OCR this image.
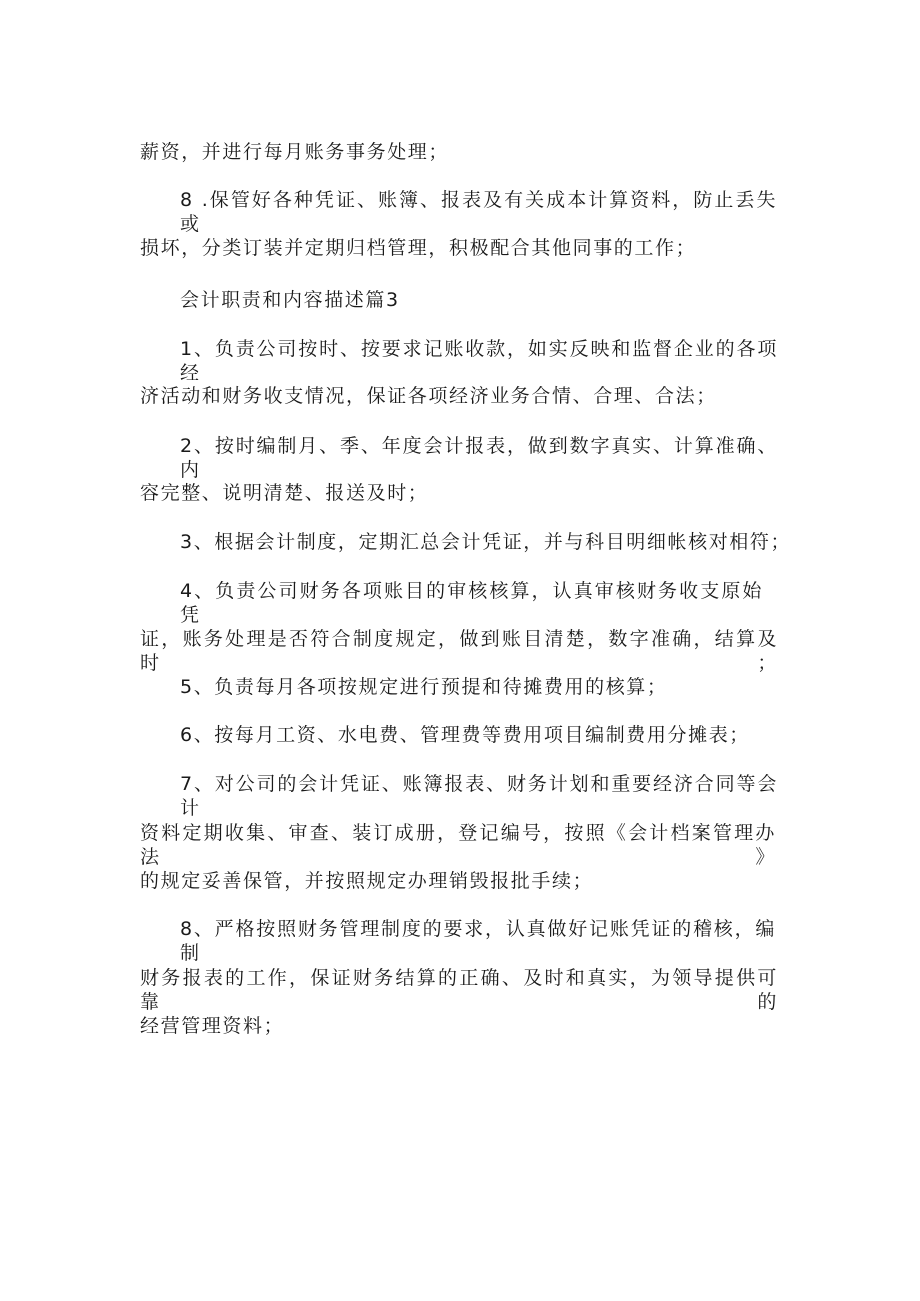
薪资，并进行每月账务事务处理；
8 .保管好各种凭证、账簿、报表及有关成本计算资料，防止丢失或
损坏，分类订装并定期归档管理，积极配合其他同事的工作；
会计职责和内容描述篇3
1、负责公司按时、按要求记账收款，如实反映和监督企业的各项经
济活动和财务收支情况，保证各项经济业务合情、合理、合法；
2、按时编制月、季、年度会计报表，做到数字真实、计算准确、内
容完整、说明清楚、报送及时；
3、根据会计制度，定期汇总会计凭证，并与科目明细帐核对相符；
4、负责公司财务各项账目的审核核算，认真审核财务收支原始凭
证，账务处理是否符合制度规定，做到账目清楚，数字准确，结算及时；
5、负责每月各项按规定进行预提和待摊费用的核算；
6、按每月工资、水电费、管理费等费用项目编制费用分摊表；
7、对公司的会计凭证、账簿报表、财务计划和重要经济合同等会计
资料定期收集、审查、装订成册，登记编号，按照《会计档案管理办法》
的规定妥善保管，并按照规定办理销毁报批手续；
8、严格按照财务管理制度的要求，认真做好记账凭证的稽核，编制
财务报表的工作，保证财务结算的正确、及时和真实，为领导提供可靠的
经营管理资料；
